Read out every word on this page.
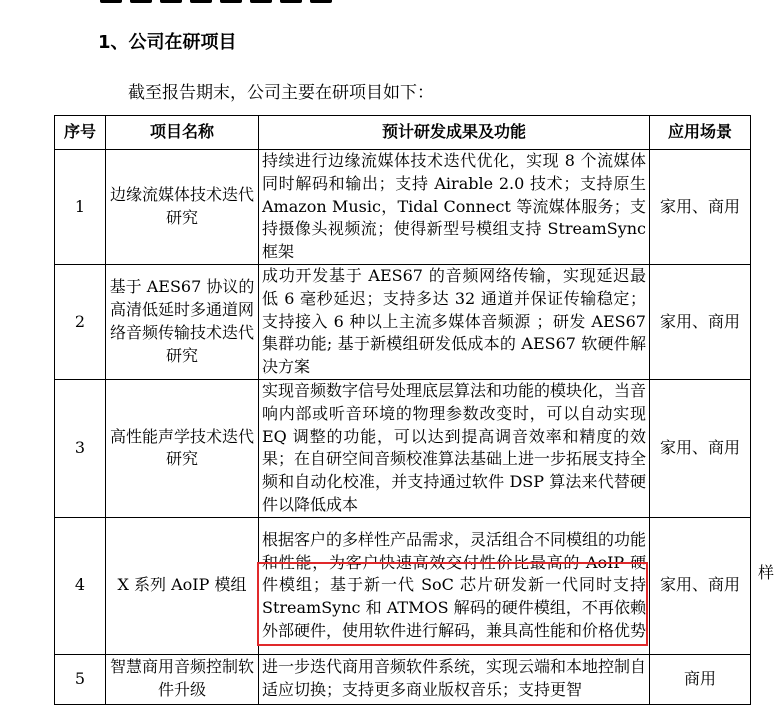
1、公司在研项目
截至报告期末，公司主要在研项目如下：
序号	项目名称	预计研发成果及功能	应用场景
1	边缘流媒体技术迭代研究	持续进行边缘流媒体技术迭代优化，实现 8 个流媒体同时解码和输出；支持 Airable 2.0 技术；支持原生 Amazon Music，Tidal Connect 等流媒体服务；支持摄像头视频流；使得新型号模组支持 StreamSync 框架	家用、商用
2	基于 AES67 协议的高清低延时多通道网络音频传输技术迭代研究	成功开发基于 AES67 的音频网络传输，实现延迟最低 6 毫秒延迟；支持多达 32 通道并保证传输稳定；支持接入 6 种以上主流多媒体音频源 ；研发 AES67 集群功能; 基于新模组研发低成本的 AES67 软硬件解决方案	家用、商用
3	高性能声学技术迭代研究	实现音频数字信号处理底层算法和功能的模块化，当音响内部或听音环境的物理参数改变时，可以自动实现 EQ 调整的功能，可以达到提高调音效率和精度的效果；在自研空间音频校准算法基础上进一步拓展支持全频和自动化校准，并支持通过软件 DSP 算法来代替硬件以降低成本	家用、商用
4	X 系列 AoIP 模组	根据客户的多样性产品需求，灵活组合不同模组的功能和性能，为客户快速高效交付性价比最高的 AoIP 硬件模组；基于新一代 SoC 芯片研发新一代同时支持 StreamSync 和 ATMOS 解码的硬件模组，不再依赖外部硬件，使用软件进行解码，兼具高性能和价格优势	家用、商用
5	智慧商用音频控制软件升级	进一步迭代商用音频软件系统，实现云端和本地控制自适应切换；支持更多商业版权音乐；支持更智	商用
样
